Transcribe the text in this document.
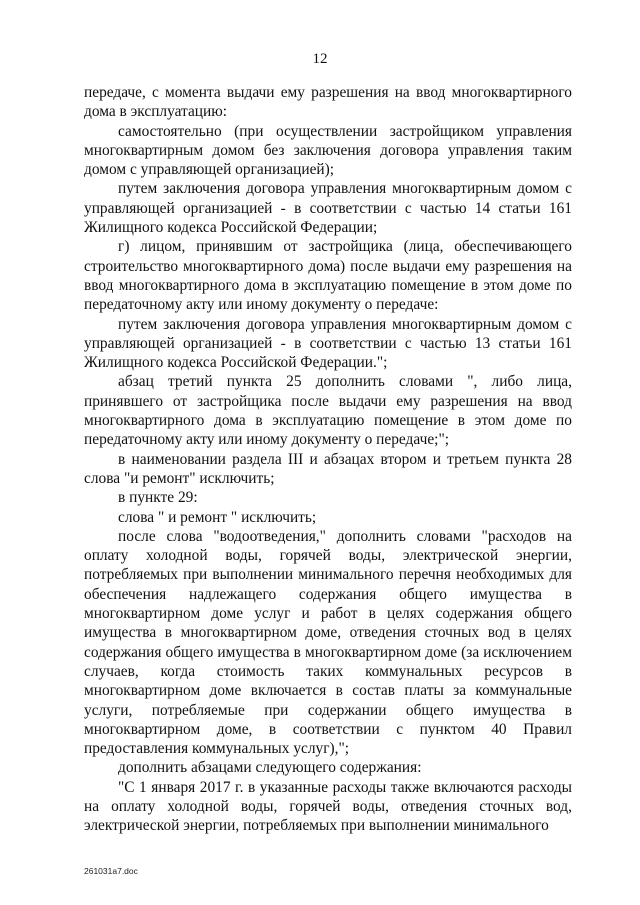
12

передаче, с момента выдачи ему разрешения на ввод многоквартирного дома в эксплуатацию:

самостоятельно (при осуществлении застройщиком управления многоквартирным домом без заключения договора управления таким домом с управляющей организацией);

путем заключения договора управления многоквартирным домом с управляющей организацией - в соответствии с частью 14 статьи 161 Жилищного кодекса Российской Федерации;

г) лицом, принявшим от застройщика (лица, обеспечивающего строительство многоквартирного дома) после выдачи ему разрешения на ввод многоквартирного дома в эксплуатацию помещение в этом доме по передаточному акту или иному документу о передаче:

путем заключения договора управления многоквартирным домом с управляющей организацией - в соответствии с частью 13 статьи 161 Жилищного кодекса Российской Федерации.";

абзац третий пункта 25 дополнить словами ", либо лица, принявшего от застройщика после выдачи ему разрешения на ввод многоквартирного дома в эксплуатацию помещение в этом доме по передаточному акту или иному документу о передаче;";

в наименовании раздела III и абзацах втором и третьем пункта 28 слова "и ремонт" исключить;

в пункте 29:

слова " и ремонт " исключить;

после слова "водоотведения," дополнить словами "расходов на оплату холодной воды, горячей воды, электрической энергии, потребляемых при выполнении минимального перечня необходимых для обеспечения надлежащего содержания общего имущества в многоквартирном доме услуг и работ в целях содержания общего имущества в многоквартирном доме, отведения сточных вод в целях содержания общего имущества в многоквартирном доме (за исключением случаев, когда стоимость таких коммунальных ресурсов в многоквартирном доме включается в состав платы за коммунальные услуги, потребляемые при содержании общего имущества в многоквартирном доме, в соответствии с пунктом 40 Правил предоставления коммунальных услуг),";

дополнить абзацами следующего содержания:

"С 1 января 2017 г. в указанные расходы также включаются расходы на оплату холодной воды, горячей воды, отведения сточных вод, электрической энергии, потребляемых при выполнении минимального

261031a7.doc
